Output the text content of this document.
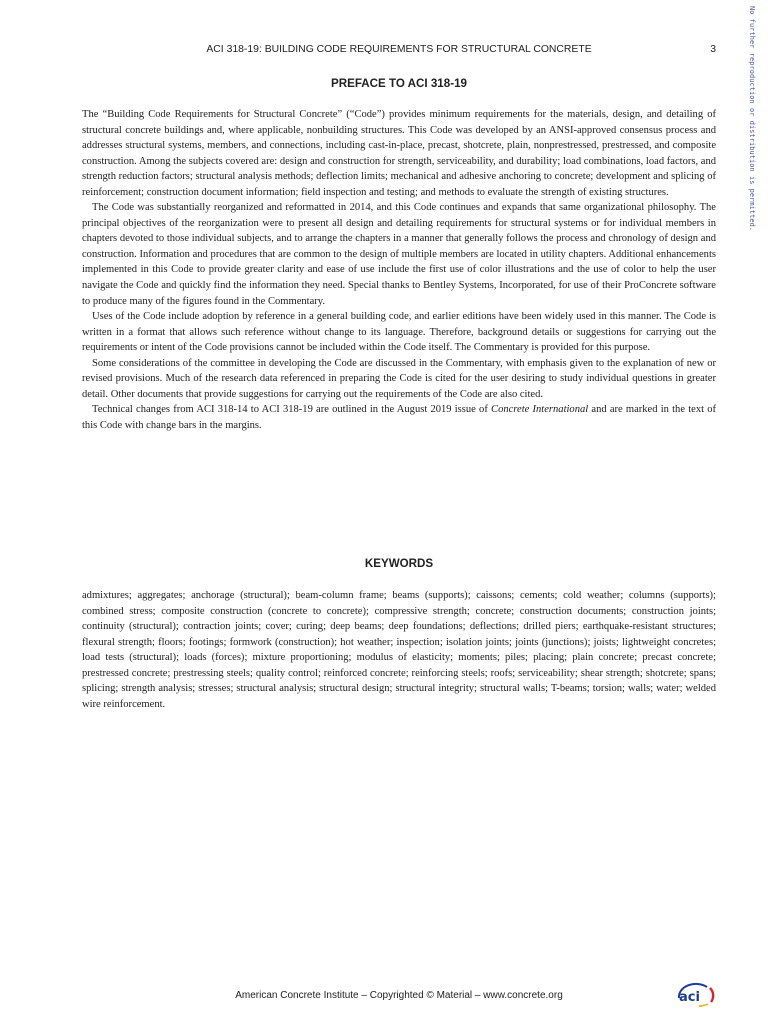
ACI 318-19: BUILDING CODE REQUIREMENTS FOR STRUCTURAL CONCRETE	3	No further reproduction or distribution is permitted.
PREFACE TO ACI 318-19

The “Building Code Requirements for Structural Concrete” (“Code”) provides minimum requirements for the materials, design, and detailing of structural concrete buildings and, where applicable, nonbuilding structures. This Code was developed by an ANSI-approved consensus process and addresses structural systems, members, and connections, including cast-in-place, precast, shotcrete, plain, nonprestressed, prestressed, and composite construction. Among the subjects covered are: design and construction for strength, serviceability, and durability; load combinations, load factors, and strength reduction factors; structural analysis methods; deflection limits; mechanical and adhesive anchoring to concrete; development and splicing of reinforcement; construction document information; field inspection and testing; and methods to evaluate the strength of existing structures.

The Code was substantially reorganized and reformatted in 2014, and this Code continues and expands that same organizational philosophy. The principal objectives of the reorganization were to present all design and detailing requirements for structural systems or for individual members in chapters devoted to those individual subjects, and to arrange the chapters in a manner that generally follows the process and chronology of design and construction. Information and procedures that are common to the design of multiple members are located in utility chapters. Additional enhancements implemented in this Code to provide greater clarity and ease of use include the first use of color illustrations and the use of color to help the user navigate the Code and quickly find the information they need. Special thanks to Bentley Systems, Incorporated, for use of their ProConcrete software to produce many of the figures found in the Commentary.

Uses of the Code include adoption by reference in a general building code, and earlier editions have been widely used in this manner. The Code is written in a format that allows such reference without change to its language. Therefore, background details or suggestions for carrying out the requirements or intent of the Code provisions cannot be included within the Code itself. The Commentary is provided for this purpose.

Some considerations of the committee in developing the Code are discussed in the Commentary, with emphasis given to the explanation of new or revised provisions. Much of the research data referenced in preparing the Code is cited for the user desiring to study individual questions in greater detail. Other documents that provide suggestions for carrying out the requirements of the Code are also cited.

Technical changes from ACI 318-14 to ACI 318-19 are outlined in the August 2019 issue of Concrete International and are marked in the text of this Code with change bars in the margins.

KEYWORDS

admixtures; aggregates; anchorage (structural); beam-column frame; beams (supports); caissons; cements; cold weather; columns (supports); combined stress; composite construction (concrete to concrete); compressive strength; concrete; construction documents; construction joints; continuity (structural); contraction joints; cover; curing; deep beams; deep foundations; deflections; drilled piers; earthquake-resistant structures; flexural strength; floors; footings; formwork (construction); hot weather; inspection; isolation joints; joints (junctions); joists; lightweight concretes; load tests (structural); loads (forces); mixture proportioning; modulus of elasticity; moments; piles; placing; plain concrete; precast concrete; prestressed concrete; prestressing steels; quality control; reinforced concrete; reinforcing steels; roofs; serviceability; shear strength; shotcrete; spans; splicing; strength analysis; stresses; structural analysis; structural design; structural integrity; structural walls; T-beams; torsion; walls; water; welded wire reinforcement.

American Concrete Institute – Copyrighted © Material – www.concrete.org	aci
